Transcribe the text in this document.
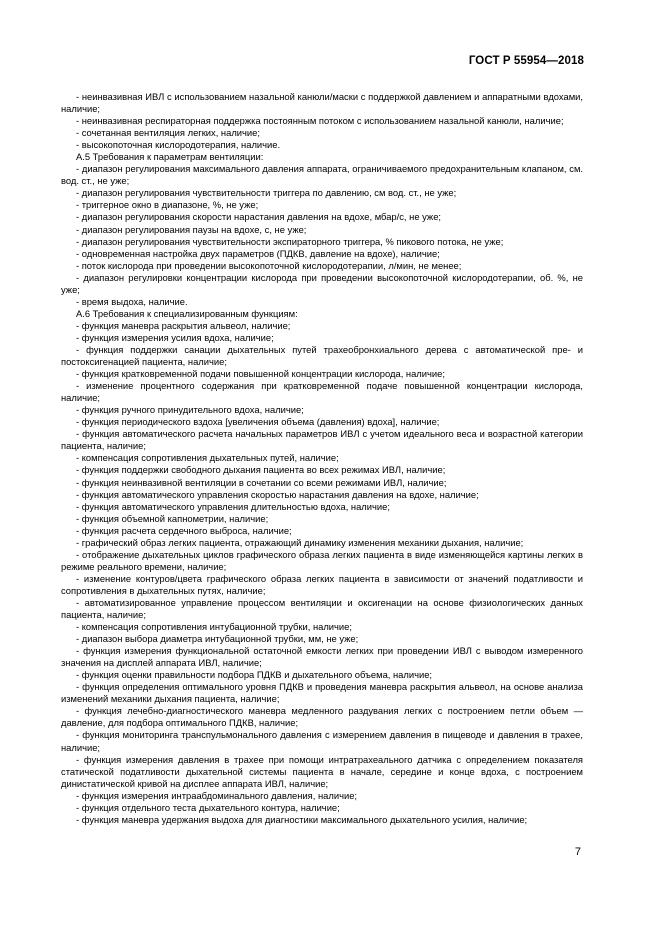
ГОСТ Р 55954—2018

- неинвазивная ИВЛ с использованием назальной канюли/маски с поддержкой давлением и аппаратными вдохами, наличие;

- неинвазивная респираторная поддержка постоянным потоком с использованием назальной канюли, наличие;

- сочетанная вентиляция легких, наличие;

- высокопоточная кислородотерапия, наличие.

А.5 Требования к параметрам вентиляции:

- диапазон регулирования максимального давления аппарата, ограничиваемого предохранительным клапаном, см. вод. ст., не уже;

- диапазон регулирования чувствительности триггера по давлению, см вод. ст., не уже;

- триггерное окно в диапазоне, %, не уже;

- диапазон регулирования скорости нарастания давления на вдохе, мбар/с, не уже;

- диапазон регулирования паузы на вдохе, с, не уже;

- диапазон регулирования чувствительности экспираторного триггера, % пикового потока, не уже;

- одновременная настройка двух параметров (ПДКВ, давление на вдохе), наличие;

- поток кислорода при проведении высокопоточной кислородотерапии, л/мин, не менее;

- диапазон регулировки концентрации кислорода при проведении высокопоточной кислородотерапии, об. %, не уже;

- время выдоха, наличие.

А.6 Требования к специализированным функциям:

- функция маневра раскрытия альвеол, наличие;

- функция измерения усилия вдоха, наличие;

- функция поддержки санации дыхательных путей трахеобронхиального дерева с автоматической пре- и постоксигенацией пациента, наличие;

- функция кратковременной подачи повышенной концентрации кислорода, наличие;

- изменение процентного содержания при кратковременной подаче повышенной концентрации кислорода, наличие;

- функция ручного принудительного вдоха, наличие;

- функция периодического вздоха [увеличения объема (давления) вдоха], наличие;

- функция автоматического расчета начальных параметров ИВЛ с учетом идеального веса и возрастной категории пациента, наличие;

- компенсация сопротивления дыхательных путей, наличие;

- функция поддержки свободного дыхания пациента во всех режимах ИВЛ, наличие;

- функция неинвазивной вентиляции в сочетании со всеми режимами ИВЛ, наличие;

- функция автоматического управления скоростью нарастания давления на вдохе, наличие;

- функция автоматического управления длительностью вдоха, наличие;

- функция объемной капнометрии, наличие;

- функция расчета сердечного выброса, наличие;

- графический образ легких пациента, отражающий динамику изменения механики дыхания, наличие;

- отображение дыхательных циклов графического образа легких пациента в виде изменяющейся картины легких в режиме реального времени, наличие;

- изменение контуров/цвета графического образа легких пациента в зависимости от значений податливости и сопротивления в дыхательных путях, наличие;

- автоматизированное управление процессом вентиляции и оксигенации на основе физиологических данных пациента, наличие;

- компенсация сопротивления интубационной трубки, наличие;

- диапазон выбора диаметра интубационной трубки, мм, не уже;

- функция измерения функциональной остаточной емкости легких при проведении ИВЛ с выводом измеренного значения на дисплей аппарата ИВЛ, наличие;

- функция оценки правильности подбора ПДКВ и дыхательного объема, наличие;

- функция определения оптимального уровня ПДКВ и проведения маневра раскрытия альвеол, на основе анализа изменений механики дыхания пациента, наличие;

- функция лечебно-диагностического маневра медленного раздувания легких с построением петли объем — давление, для подбора оптимального ПДКВ, наличие;

- функция мониторинга транспульмонального давления с измерением давления в пищеводе и давления в трахее, наличие;

- функция измерения давления в трахее при помощи интратрахеального датчика с определением показателя статической податливости дыхательной системы пациента в начале, середине и конце вдоха, с построением динистатической кривой на дисплее аппарата ИВЛ, наличие;

- функция измерения интраабдоминального давления, наличие;

- функция отдельного теста дыхательного контура, наличие;

- функция маневра удержания выдоха для диагностики максимального дыхательного усилия, наличие;

7
